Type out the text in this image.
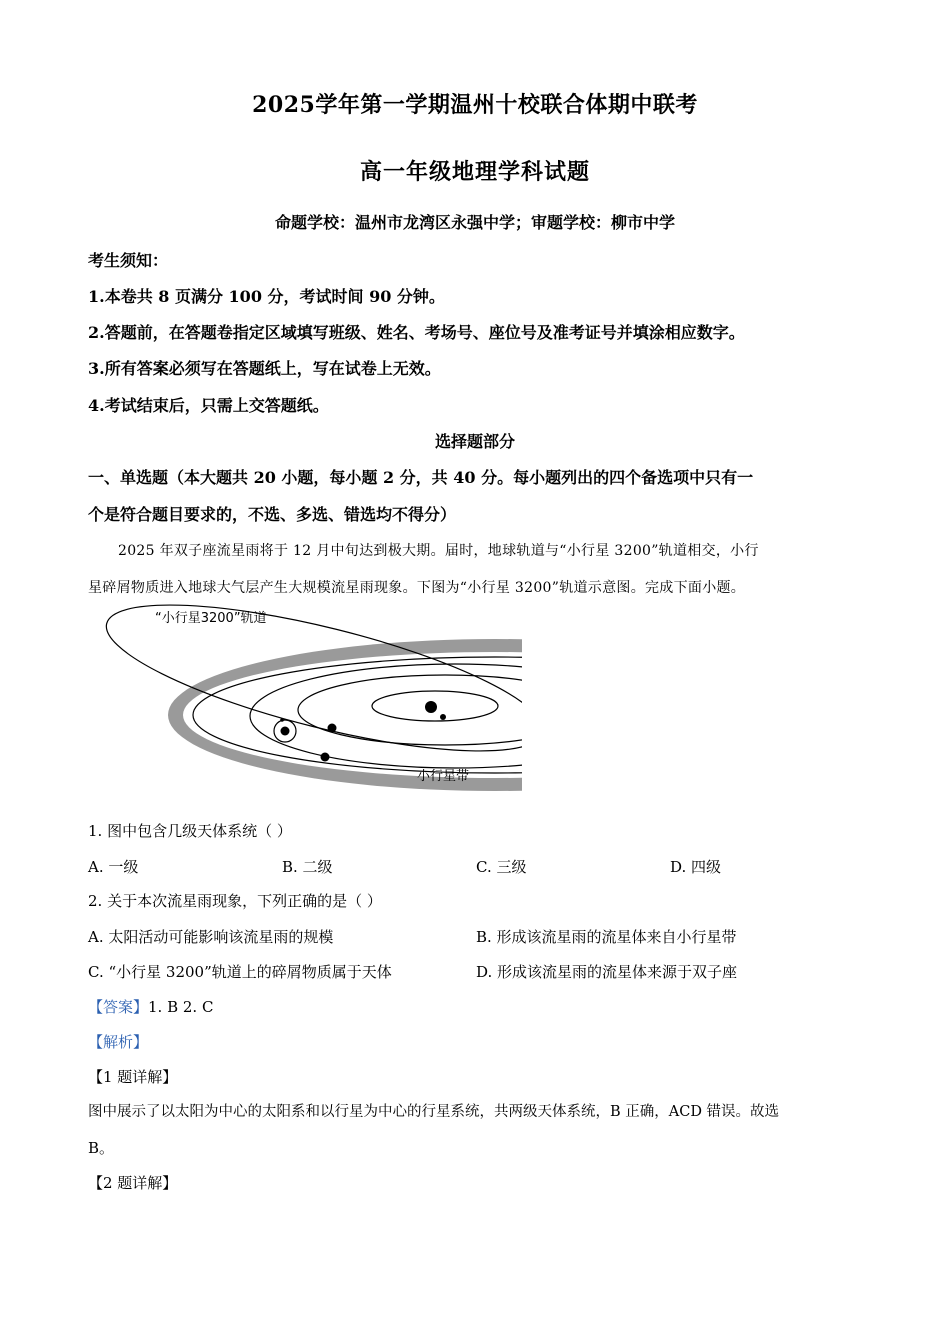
2025学年第一学期温州十校联合体期中联考
高一年级地理学科试题
命题学校：温州市龙湾区永强中学；审题学校：柳市中学
考生须知：
1.本卷共 8 页满分 100 分，考试时间 90 分钟。
2.答题前，在答题卷指定区域填写班级、姓名、考场号、座位号及准考证号并填涂相应数字。
3.所有答案必须写在答题纸上，写在试卷上无效。
4.考试结束后，只需上交答题纸。
选择题部分
一、单选题（本大题共 20 小题，每小题 2 分，共 40 分。每小题列出的四个备选项中只有一
个是符合题目要求的，不选、多选、错选均不得分）
2025 年双子座流星雨将于 12 月中旬达到极大期。届时，地球轨道与“小行星 3200”轨道相交，小行
星碎屑物质进入地球大气层产生大规模流星雨现象。下图为“小行星 3200”轨道示意图。完成下面小题。
“小行星3200”轨道
小行星带
1. 图中包含几级天体系统（ ）
A. 一级	B. 二级	C. 三级	D. 四级
2. 关于本次流星雨现象，下列正确的是（ ）
A. 太阳活动可能影响该流星雨的规模	B. 形成该流星雨的流星体来自小行星带
C. “小行星 3200”轨道上的碎屑物质属于天体	D. 形成该流星雨的流星体来源于双子座
【答案】1. B 2. C
【解析】
【1 题详解】
图中展示了以太阳为中心的太阳系和以行星为中心的行星系统，共两级天体系统，B 正确，ACD 错误。故选
B。
【2 题详解】
